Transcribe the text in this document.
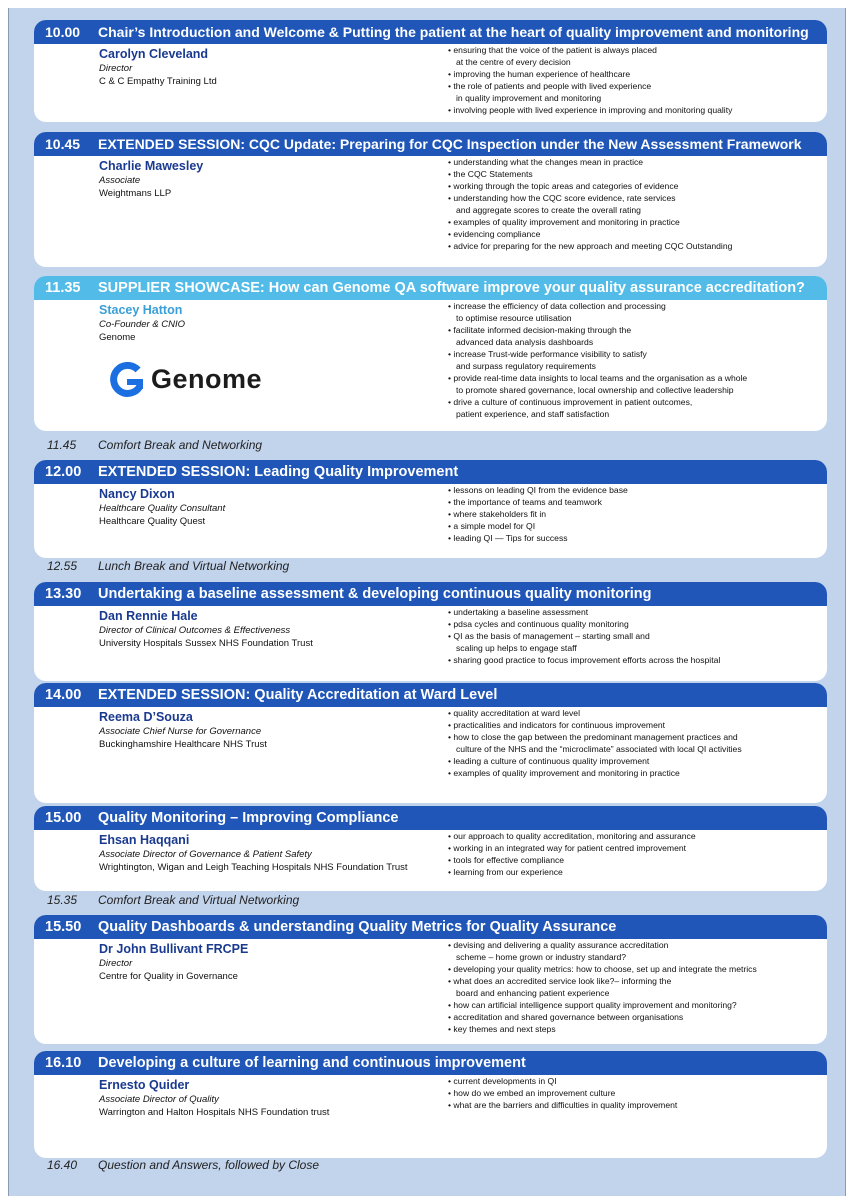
10.00 Chair’s Introduction and Welcome & Putting the patient at the heart of quality improvement and monitoring
Carolyn Cleveland
Director
C & C Empathy Training Ltd
• ensuring that the voice of the patient is always placed
at the centre of every decision
• improving the human experience of healthcare
• the role of patients and people with lived experience
in quality improvement and monitoring
• involving people with lived experience in improving and monitoring quality
10.45 EXTENDED SESSION: CQC Update: Preparing for CQC Inspection under the New Assessment Framework
Charlie Mawesley
Associate
Weightmans LLP
• understanding what the changes mean in practice
• the CQC Statements
• working through the topic areas and categories of evidence
• understanding how the CQC score evidence, rate services
and aggregate scores to create the overall rating
• examples of quality improvement and monitoring in practice
• evidencing compliance
• advice for preparing for the new approach and meeting CQC Outstanding
11.35 SUPPLIER SHOWCASE: How can Genome QA software improve your quality assurance accreditation?
Stacey Hatton
Co-Founder & CNIO
Genome
Genome
• increase the efficiency of data collection and processing
to optimise resource utilisation
• facilitate informed decision-making through the
advanced data analysis dashboards
• increase Trust-wide performance visibility to satisfy
and surpass regulatory requirements
• provide real-time data insights to local teams and the organisation as a whole
to promote shared governance, local ownership and collective leadership
• drive a culture of continuous improvement in patient outcomes,
patient experience, and staff satisfaction
11.45 Comfort Break and Networking
12.00 EXTENDED SESSION: Leading Quality Improvement
Nancy Dixon
Healthcare Quality Consultant
Healthcare Quality Quest
• lessons on leading QI from the evidence base
• the importance of teams and teamwork
• where stakeholders fit in
• a simple model for QI
• leading QI — Tips for success
12.55 Lunch Break and Virtual Networking
13.30 Undertaking a baseline assessment & developing continuous quality monitoring
Dan Rennie Hale
Director of Clinical Outcomes & Effectiveness
University Hospitals Sussex NHS Foundation Trust
• undertaking a baseline assessment
• pdsa cycles and continuous quality monitoring
• QI as the basis of management – starting small and
scaling up helps to engage staff
• sharing good practice to focus improvement efforts across the hospital
14.00 EXTENDED SESSION: Quality Accreditation at Ward Level
Reema D’Souza
Associate Chief Nurse for Governance
Buckinghamshire Healthcare NHS Trust
• quality accreditation at ward level
• practicalities and indicators for continuous improvement
• how to close the gap between the predominant management practices and
culture of the NHS and the “microclimate” associated with local QI activities
• leading a culture of continuous quality improvement
• examples of quality improvement and monitoring in practice
15.00 Quality Monitoring – Improving Compliance
Ehsan Haqqani
Associate Director of Governance & Patient Safety
Wrightington, Wigan and Leigh Teaching Hospitals NHS Foundation Trust
• our approach to quality accreditation, monitoring and assurance
• working in an integrated way for patient centred improvement
• tools for effective compliance
• learning from our experience
15.35 Comfort Break and Virtual Networking
15.50 Quality Dashboards & understanding Quality Metrics for Quality Assurance
Dr John Bullivant FRCPE
Director
Centre for Quality in Governance
• devising and delivering a quality assurance accreditation
scheme – home grown or industry standard?
• developing your quality metrics: how to choose, set up and integrate the metrics
• what does an accredited service look like?– informing the
board and enhancing patient experience
• how can artificial intelligence support quality improvement and monitoring?
• accreditation and shared governance between organisations
• key themes and next steps
16.10 Developing a culture of learning and continuous improvement
Ernesto Quider
Associate Director of Quality
Warrington and Halton Hospitals NHS Foundation trust
• current developments in QI
• how do we embed an improvement culture
• what are the barriers and difficulties in quality improvement
16.40 Question and Answers, followed by Close
